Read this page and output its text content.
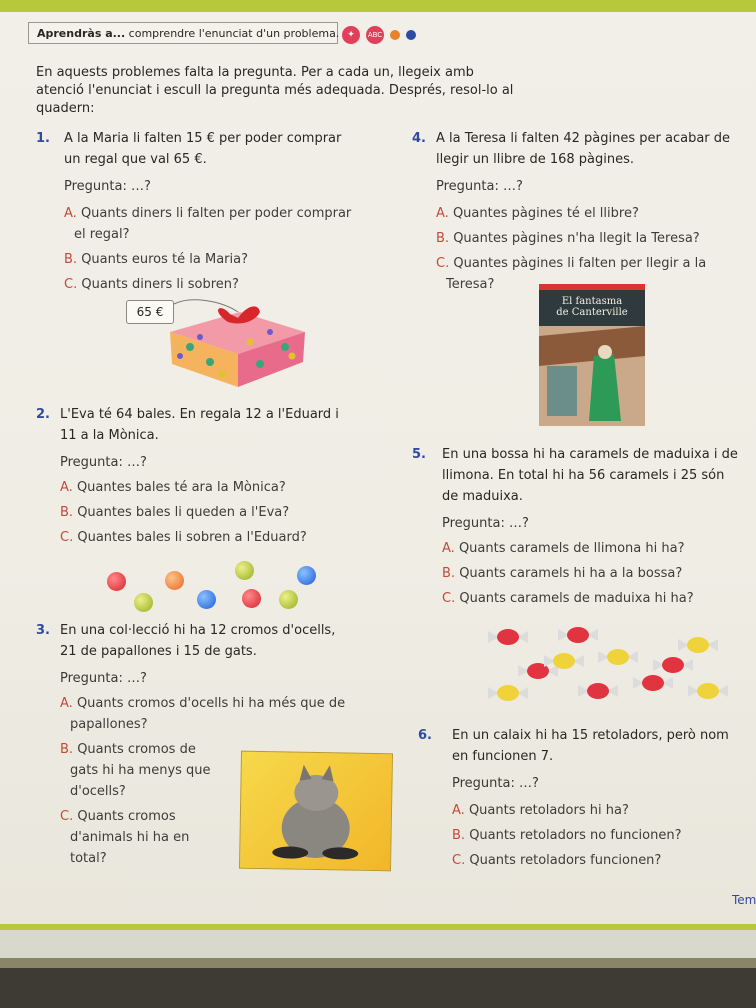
Aprendràs a... comprendre l'enunciat d'un problema. ✦	ABC
En aquests problemes falta la pregunta. Per a cada un, llegeix amb atenció l'enunciat i escull la pregunta més adequada. Després, resol-lo al quadern:
1. A la Maria li falten 15 € per poder comprar
un regal que val 65 €.
Pregunta: …?
A. Quants diners li falten per poder comprar
el regal?
B. Quants euros té la Maria?
C. Quants diners li sobren?
2. L'Eva té 64 bales. En regala 12 a l'Eduard i
11 a la Mònica.
Pregunta: …?
A. Quantes bales té ara la Mònica?
B. Quantes bales li queden a l'Eva?
C. Quantes bales li sobren a l'Eduard?
3. En una col·lecció hi ha 12 cromos d'ocells,
21 de papallones i 15 de gats.
Pregunta: …?
A. Quants cromos d'ocells hi ha més que de
papallones?
B. Quants cromos de
gats hi ha menys que
d'ocells?
C. Quants cromos
d'animals hi ha en
total?
4. A la Teresa li falten 42 pàgines per acabar de
llegir un llibre de 168 pàgines.
Pregunta: …?
A. Quantes pàgines té el llibre?
B. Quantes pàgines n'ha llegit la Teresa?
C. Quantes pàgines li falten per llegir a la
Teresa?
5. En una bossa hi ha caramels de maduixa i de
llimona. En total hi ha 56 caramels i 25 són
de maduixa.
Pregunta: …?
A. Quants caramels de llimona hi ha?
B. Quants caramels hi ha a la bossa?
C. Quants caramels de maduixa hi ha?
6. En un calaix hi ha 15 retoladors, però nom
en funcionen 7.
Pregunta: …?
A. Quants retoladors hi ha?
B. Quants retoladors no funcionen?
C. Quants retoladors funcionen?
65 €
El fantasma
de Canterville
Tem
